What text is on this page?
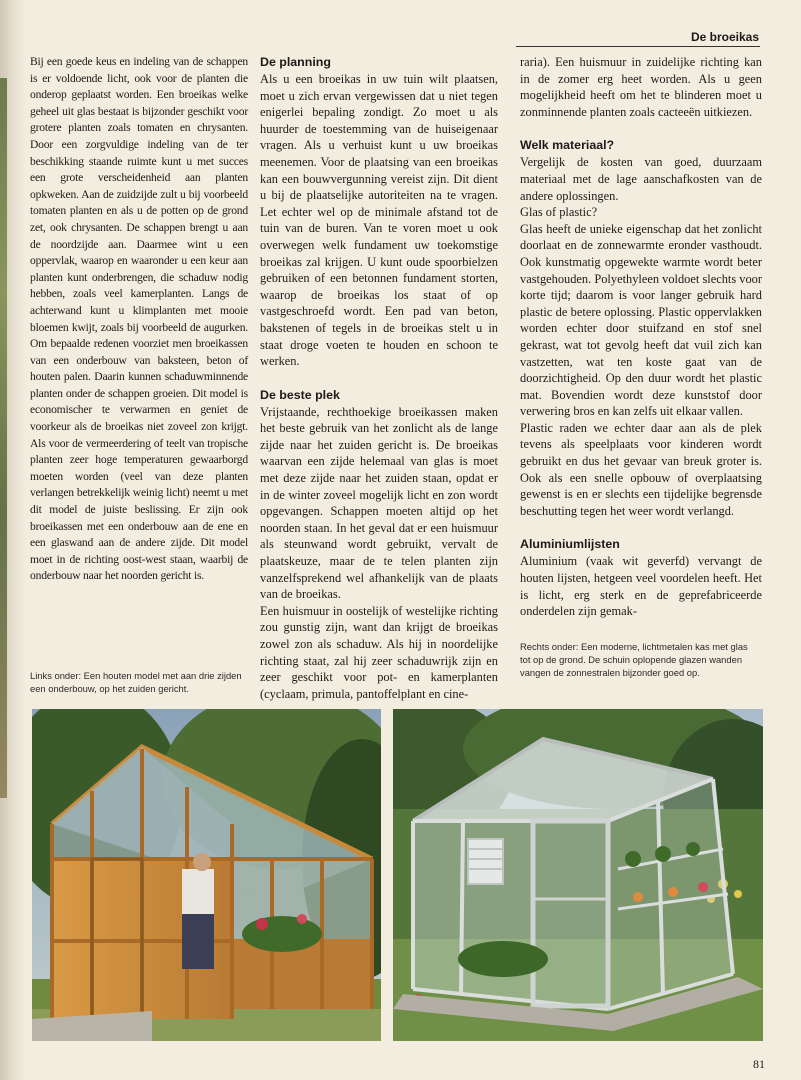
De broeikas

Bij een goede keus en indeling van de schappen is er voldoende licht, ook voor de planten die onderop geplaatst worden. Een broeikas welke geheel uit glas bestaat is bijzonder geschikt voor grotere planten zoals tomaten en chrysanten. Door een zorgvuldige indeling van de ter beschikking staande ruimte kunt u met succes een grote verscheidenheid aan planten opkweken. Aan de zuidzijde zult u bij voorbeeld tomaten planten en als u de potten op de grond zet, ook chrysanten. De schappen brengt u aan de noordzijde aan. Daarmee wint u een oppervlak, waarop en waaronder u een keur aan planten kunt onderbrengen, die schaduw nodig hebben, zoals veel kamerplanten. Langs de achterwand kunt u klimplanten met mooie bloemen kwijt, zoals bij voorbeeld de augurken. Om bepaalde redenen voorziet men broeikassen van een onderbouw van baksteen, beton of houten palen. Daarin kunnen schaduwminnende planten onder de schappen groeien. Dit model is economischer te verwarmen en geniet de voorkeur als de broeikas niet zoveel zon krijgt. Als voor de vermeerdering of teelt van tropische planten zeer hoge temperaturen gewaarborgd moeten worden (veel van deze planten verlangen betrekkelijk weinig licht) neemt u met dit model de juiste beslissing. Er zijn ook broeikassen met een onderbouw aan de ene en een glaswand aan de andere zijde. Dit model moet in de richting oost-west staan, waarbij de onderbouw naar het noorden gericht is.

De planning

Als u een broeikas in uw tuin wilt plaatsen, moet u zich ervan vergewissen dat u niet tegen enigerlei bepaling zondigt. Zo moet u als huurder de toestemming van de huiseigenaar vragen. Als u verhuist kunt u uw broeikas meenemen. Voor de plaatsing van een broeikas kan een bouwvergunning vereist zijn. Dit dient u bij de plaatselijke autoriteiten na te vragen. Let echter wel op de minimale afstand tot de tuin van de buren. Van te voren moet u ook overwegen welk fundament uw toekomstige broeikas zal krijgen. U kunt oude spoorbielzen gebruiken of een betonnen fundament storten, waarop de broeikas los staat of op vastgeschroefd wordt. Een pad van beton, bakstenen of tegels in de broeikas stelt u in staat droge voeten te houden en schoon te werken.

De beste plek

Vrijstaande, rechthoekige broeikassen maken het beste gebruik van het zonlicht als de lange zijde naar het zuiden gericht is. De broeikas waarvan een zijde helemaal van glas is moet met deze zijde naar het zuiden staan, opdat er in de winter zoveel mogelijk licht en zon wordt opgevangen. Schappen moeten altijd op het noorden staan. In het geval dat er een huismuur als steunwand wordt gebruikt, vervalt de plaatskeuze, maar de te telen planten zijn vanzelfsprekend wel afhankelijk van de plaats van de broeikas.

Een huismuur in oostelijk of westelijke richting zou gunstig zijn, want dan krijgt de broeikas zowel zon als schaduw. Als hij in noordelijke richting staat, zal hij zeer schaduwrijk zijn en zeer geschikt voor pot- en kamerplanten (cyclaam, primula, pantoffelplant en cine-

raria). Een huismuur in zuidelijke richting kan in de zomer erg heet worden. Als u geen mogelijkheid heeft om het te blinderen moet u zonminnende planten zoals cacteeën uitkiezen.

Welk materiaal?

Vergelijk de kosten van goed, duurzaam materiaal met de lage aanschafkosten van de andere oplossingen.

Glas of plastic?

Glas heeft de unieke eigenschap dat het zonlicht doorlaat en de zonnewarmte eronder vasthoudt. Ook kunstmatig opgewekte warmte wordt beter vastgehouden. Polyethyleen voldoet slechts voor korte tijd; daarom is voor langer gebruik hard plastic de betere oplossing. Plastic oppervlakken worden echter door stuifzand en stof snel gekrast, wat tot gevolg heeft dat vuil zich kan vastzetten, wat ten koste gaat van de doorzichtigheid. Op den duur wordt het plastic mat. Bovendien wordt deze kunststof door verwering bros en kan zelfs uit elkaar vallen.

Plastic raden we echter daar aan als de plek tevens als speelplaats voor kinderen wordt gebruikt en dus het gevaar van breuk groter is. Ook als een snelle opbouw of overplaatsing gewenst is en er slechts een tijdelijke begrensde beschutting tegen het weer wordt verlangd.

Aluminiumlijsten

Aluminium (vaak wit geverfd) vervangt de houten lijsten, hetgeen veel voordelen heeft. Het is licht, erg sterk en de geprefabriceerde onderdelen zijn gemak-

Links onder: Een houten model met aan drie zijden een onderbouw, op het zuiden gericht.
Rechts onder: Een moderne, lichtmetalen kas met glas tot op de grond. De schuin oplopende glazen wanden vangen de zonnestralen bijzonder goed op.
81
